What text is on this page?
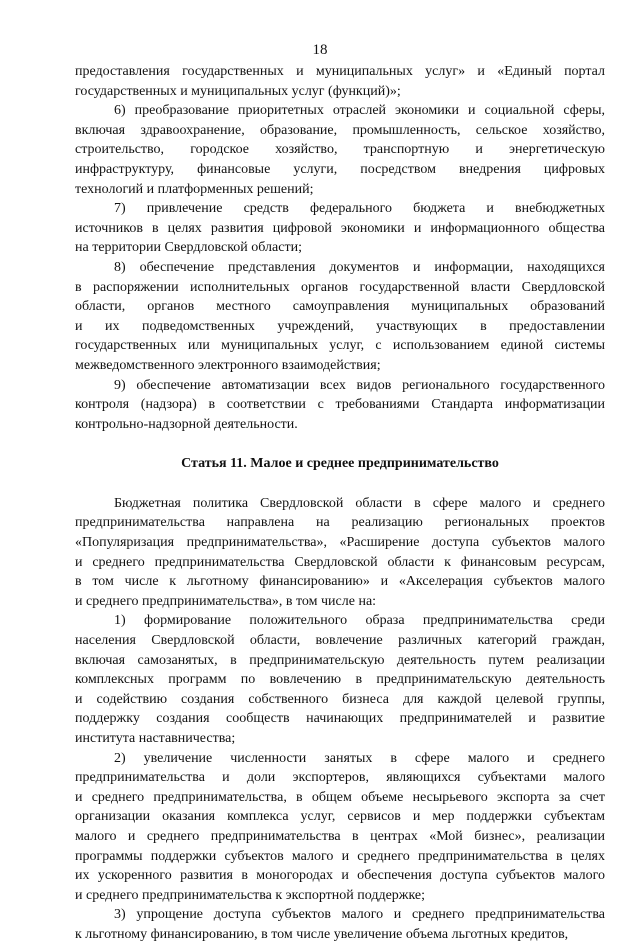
18

предоставления государственных и муниципальных услуг» и «Единый портал
государственных и муниципальных услуг (функций)»;

6) преобразование приоритетных отраслей экономики и социальной сферы,
включая здравоохранение, образование, промышленность, сельское хозяйство,
строительство, городское хозяйство, транспортную и энергетическую
инфраструктуру, финансовые услуги, посредством внедрения цифровых
технологий и платформенных решений;

7) привлечение средств федерального бюджета и внебюджетных
источников в целях развития цифровой экономики и информационного общества
на территории Свердловской области;

8) обеспечение представления документов и информации, находящихся
в распоряжении исполнительных органов государственной власти Свердловской
области, органов местного самоуправления муниципальных образований
и их подведомственных учреждений, участвующих в предоставлении
государственных или муниципальных услуг, с использованием единой системы
межведомственного электронного взаимодействия;

9) обеспечение автоматизации всех видов регионального государственного
контроля (надзора) в соответствии с требованиями Стандарта информатизации
контрольно-надзорной деятельности.

Статья 11. Малое и среднее предпринимательство

Бюджетная политика Свердловской области в сфере малого и среднего
предпринимательства направлена на реализацию региональных проектов
«Популяризация предпринимательства», «Расширение доступа субъектов малого
и среднего предпринимательства Свердловской области к финансовым ресурсам,
в том числе к льготному финансированию» и «Акселерация субъектов малого
и среднего предпринимательства», в том числе на:

1) формирование положительного образа предпринимательства среди
населения Свердловской области, вовлечение различных категорий граждан,
включая самозанятых, в предпринимательскую деятельность путем реализации
комплексных программ по вовлечению в предпринимательскую деятельность
и содействию создания собственного бизнеса для каждой целевой группы,
поддержку создания сообществ начинающих предпринимателей и развитие
института наставничества;

2) увеличение численности занятых в сфере малого и среднего
предпринимательства и доли экспортеров, являющихся субъектами малого
и среднего предпринимательства, в общем объеме несырьевого экспорта за счет
организации оказания комплекса услуг, сервисов и мер поддержки субъектам
малого и среднего предпринимательства в центрах «Мой бизнес», реализации
программы поддержки субъектов малого и среднего предпринимательства в целях
их ускоренного развития в моногородах и обеспечения доступа субъектов малого
и среднего предпринимательства к экспортной поддержке;

3) упрощение доступа субъектов малого и среднего предпринимательства
к льготному финансированию, в том числе увеличение объема льготных кредитов,
